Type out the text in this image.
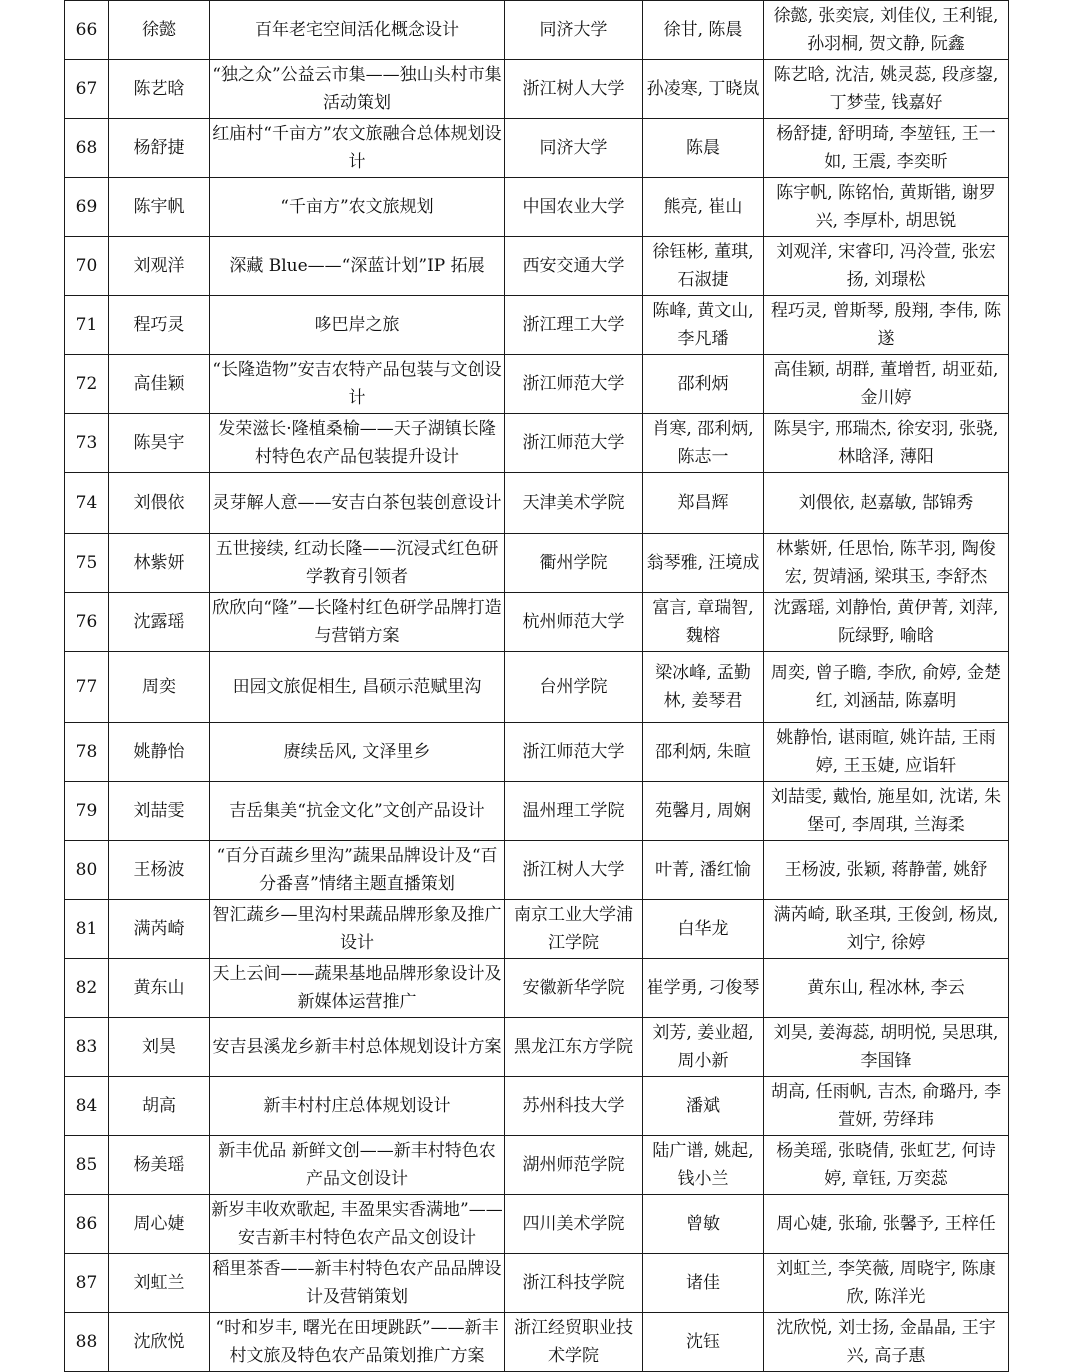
66	徐懿	百年老宅空间活化概念设计	同济大学	徐甘, 陈晨	徐懿, 张奕宸, 刘佳仪, 王利锟, 孙羽桐, 贺文静, 阮鑫
67	陈艺晗	“独之众”公益云市集——独山头村市集活动策划	浙江树人大学	孙凌寒, 丁晓岚	陈艺晗, 沈洁, 姚灵蕊, 段彦鋆, 丁梦莹, 钱嘉好
68	杨舒捷	红庙村“千亩方”农文旅融合总体规划设计	同济大学	陈晨	杨舒捷, 舒明琦, 李堃钰, 王一如, 王震, 李奕昕
69	陈宇帆	“千亩方”农文旅规划	中国农业大学	熊亮, 崔山	陈宇帆, 陈铭怡, 黄斯锴, 谢罗兴, 李厚朴, 胡思锐
70	刘观洋	深藏 Blue——“深蓝计划”IP 拓展	西安交通大学	徐钰彬, 董琪, 石淑捷	刘观洋, 宋睿印, 冯泠萱, 张宏扬, 刘璟松
71	程巧灵	哆巴岸之旅	浙江理工大学	陈峰, 黄文山, 李凡璠	程巧灵, 曾斯琴, 殷翔, 李伟, 陈遂
72	高佳颖	“长隆造物”安吉农特产品包装与文创设计	浙江师范大学	邵利炳	高佳颖, 胡群, 董增哲, 胡亚茹, 金川婷
73	陈昊宇	发荣滋长·隆植桑榆——天子湖镇长隆村特色农产品包装提升设计	浙江师范大学	肖寒, 邵利炳, 陈志一	陈昊宇, 邢瑞杰, 徐安羽, 张骁, 林晗泽, 薄阳
74	刘偎依	灵芽解人意——安吉白茶包装创意设计	天津美术学院	郑昌辉	刘偎依, 赵嘉敏, 郜锦秀
75	林紫妍	五世接续, 红动长隆——沉浸式红色研学教育引领者	衢州学院	翁琴雅, 汪境成	林紫妍, 任思怡, 陈芊羽, 陶俊宏, 贺靖涵, 梁琪玉, 李舒杰
76	沈露瑶	欣欣向“隆”—长隆村红色研学品牌打造与营销方案	杭州师范大学	富言, 章瑞智, 魏榕	沈露瑶, 刘静怡, 黄伊菁, 刘萍, 阮绿野, 喻晗
77	周奕	田园文旅促相生, 昌硕示范赋里沟	台州学院	梁冰峰, 孟勤林, 姜琴君	周奕, 曾子瞻, 李欣, 俞婷, 金楚红, 刘涵喆, 陈嘉明
78	姚静怡	赓续岳风, 文泽里乡	浙江师范大学	邵利炳, 朱暄	姚静怡, 谌雨暄, 姚许喆, 王雨婷, 王玉婕, 应诣轩
79	刘喆雯	吉岳集美“抗金文化”文创产品设计	温州理工学院	苑馨月, 周娴	刘喆雯, 戴怡, 施星如, 沈诺, 朱堡可, 李周琪, 兰海柔
80	王杨波	“百分百蔬乡里沟”蔬果品牌设计及“百分番喜”情绪主题直播策划	浙江树人大学	叶菁, 潘红愉	王杨波, 张颖, 蒋静蕾, 姚舒
81	满芮崎	智汇蔬乡—里沟村果蔬品牌形象及推广设计	南京工业大学浦江学院	白华龙	满芮崎, 耿圣琪, 王俊剑, 杨岚, 刘宁, 徐婷
82	黄东山	天上云间——蔬果基地品牌形象设计及新媒体运营推广	安徽新华学院	崔学勇, 刁俊琴	黄东山, 程冰林, 李云
83	刘昊	安吉县溪龙乡新丰村总体规划设计方案	黑龙江东方学院	刘芳, 姜业超, 周小新	刘昊, 姜海蕊, 胡明悦, 吴思琪, 李国锋
84	胡高	新丰村村庄总体规划设计	苏州科技大学	潘斌	胡高, 任雨帆, 吉杰, 俞璐丹, 李萱妍, 劳绎玮
85	杨美瑶	新丰优品 新鲜文创——新丰村特色农产品文创设计	湖州师范学院	陆广谱, 姚起, 钱小兰	杨美瑶, 张晓倩, 张虹艺, 何诗婷, 章钰, 万奕蕊
86	周心婕	新岁丰收欢歌起, 丰盈果实香满地”——安吉新丰村特色农产品文创设计	四川美术学院	曾敏	周心婕, 张瑜, 张馨予, 王梓任
87	刘虹兰	稻里茶香——新丰村特色农产品品牌设计及营销策划	浙江科技学院	诸佳	刘虹兰, 李笑薇, 周晓宇, 陈康欣, 陈洋光
88	沈欣悦	“时和岁丰, 曙光在田埂跳跃”——新丰村文旅及特色农产品策划推广方案	浙江经贸职业技术学院	沈钰	沈欣悦, 刘士扬, 金晶晶, 王宇兴, 高子惠
